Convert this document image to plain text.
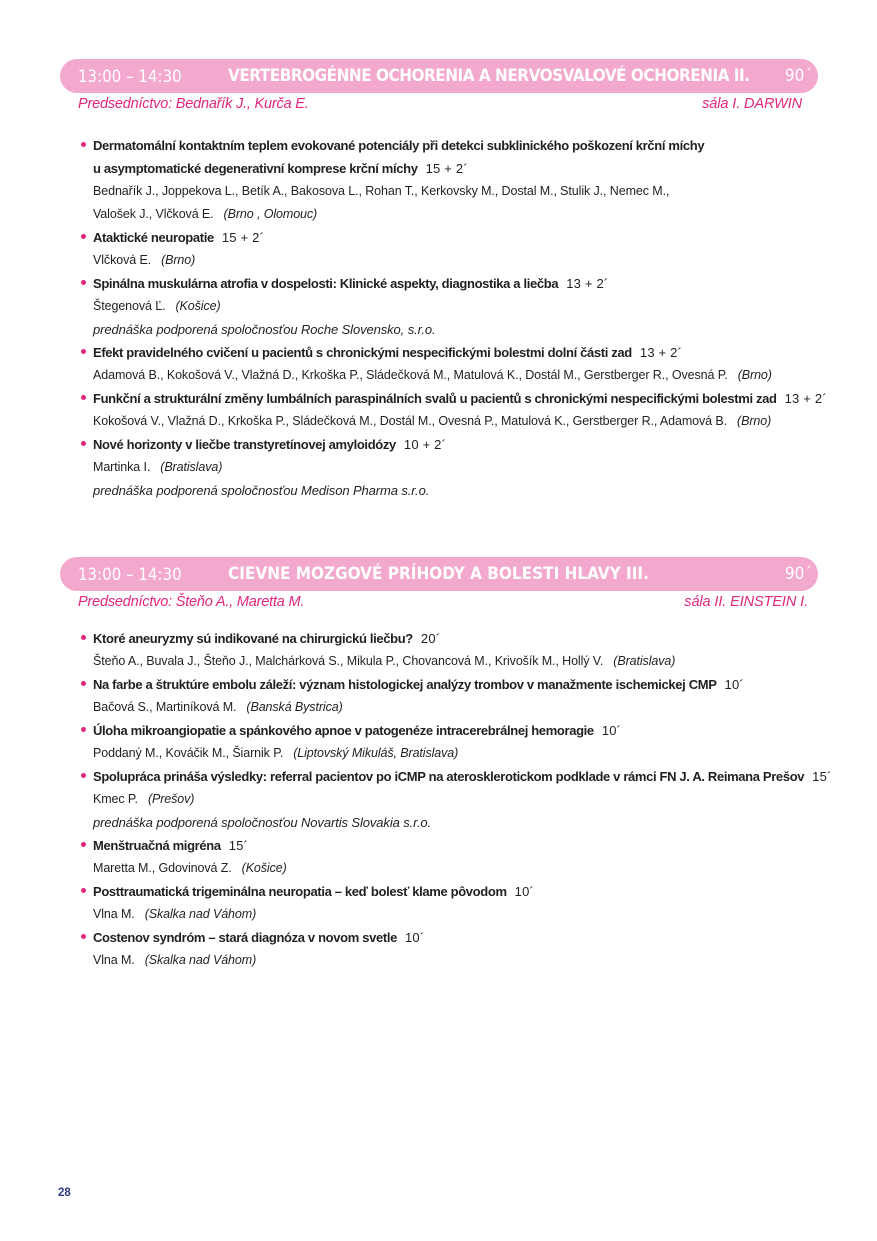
13:00 – 14:30	VERTEBROGÉNNE OCHORENIA A NERVOSVALOVÉ OCHORENIA II.	90´
Predsedníctvo: Bednařík J., Kurča E.	sála I. DARWIN
Dermatomální kontaktním teplem evokované potenciály při detekci subklinického poškození krční míchy
u asymptomatické degenerativní komprese krční míchy 15 + 2´
Bednařík J., Joppekova L., Betík A., Bakosova L., Rohan T., Kerkovsky M., Dostal M., Stulik J., Nemec M.,
Valošek J., Vlčková E. (Brno , Olomouc)
Ataktické neuropatie 15 + 2´
Vlčková E. (Brno)
Spinálna muskulárna atrofia v dospelosti: Klinické aspekty, diagnostika a liečba 13 + 2´
Štegenová Ľ. (Košice)
prednáška podporená spoločnosťou Roche Slovensko, s.r.o.
Efekt pravidelného cvičení u pacientů s chronickými nespecifickými bolestmi dolní části zad 13 + 2´
Adamová B., Kokošová V., Vlažná D., Krkoška P., Sládečková M., Matulová K., Dostál M., Gerstberger R., Ovesná P. (Brno)
Funkční a strukturální změny lumbálních paraspinálních svalů u pacientů s chronickými nespecifickými bolestmi zad 13 + 2´
Kokošová V., Vlažná D., Krkoška P., Sládečková M., Dostál M., Ovesná P., Matulová K., Gerstberger R., Adamová B. (Brno)
Nové horizonty v liečbe transtyretínovej amyloidózy 10 + 2´
Martinka I. (Bratislava)
prednáška podporená spoločnosťou Medison Pharma s.r.o.
13:00 – 14:30	CIEVNE MOZGOVÉ PRÍHODY A BOLESTI HLAVY III.	90´
Predsedníctvo: Šteňo A., Maretta M.	sála II. EINSTEIN I.
Ktoré aneuryzmy sú indikované na chirurgickú liečbu? 20´
Šteňo A., Buvala J., Šteňo J., Malchárková S., Mikula P., Chovancová M., Krivošík M., Hollý V. (Bratislava)
Na farbe a štruktúre embolu záleží: význam histologickej analýzy trombov v manažmente ischemickej CMP 10´
Bačová S., Martiníková M. (Banská Bystrica)
Úloha mikroangiopatie a spánkového apnoe v patogenéze intracerebrálnej hemoragie 10´
Poddaný M., Kováčik M., Šiarnik P. (Liptovský Mikuláš, Bratislava)
Spolupráca prináša výsledky: referral pacientov po iCMP na aterosklerotickom podklade v rámci FN J. A. Reimana Prešov 15´
Kmec P. (Prešov)
prednáška podporená spoločnosťou Novartis Slovakia s.r.o.
Menštruačná migréna 15´
Maretta M., Gdovinová Z. (Košice)
Posttraumatická trigeminálna neuropatia – keď bolesť klame pôvodom 10´
Vlna M. (Skalka nad Váhom)
Costenov syndróm – stará diagnóza v novom svetle 10´
Vlna M. (Skalka nad Váhom)
28
